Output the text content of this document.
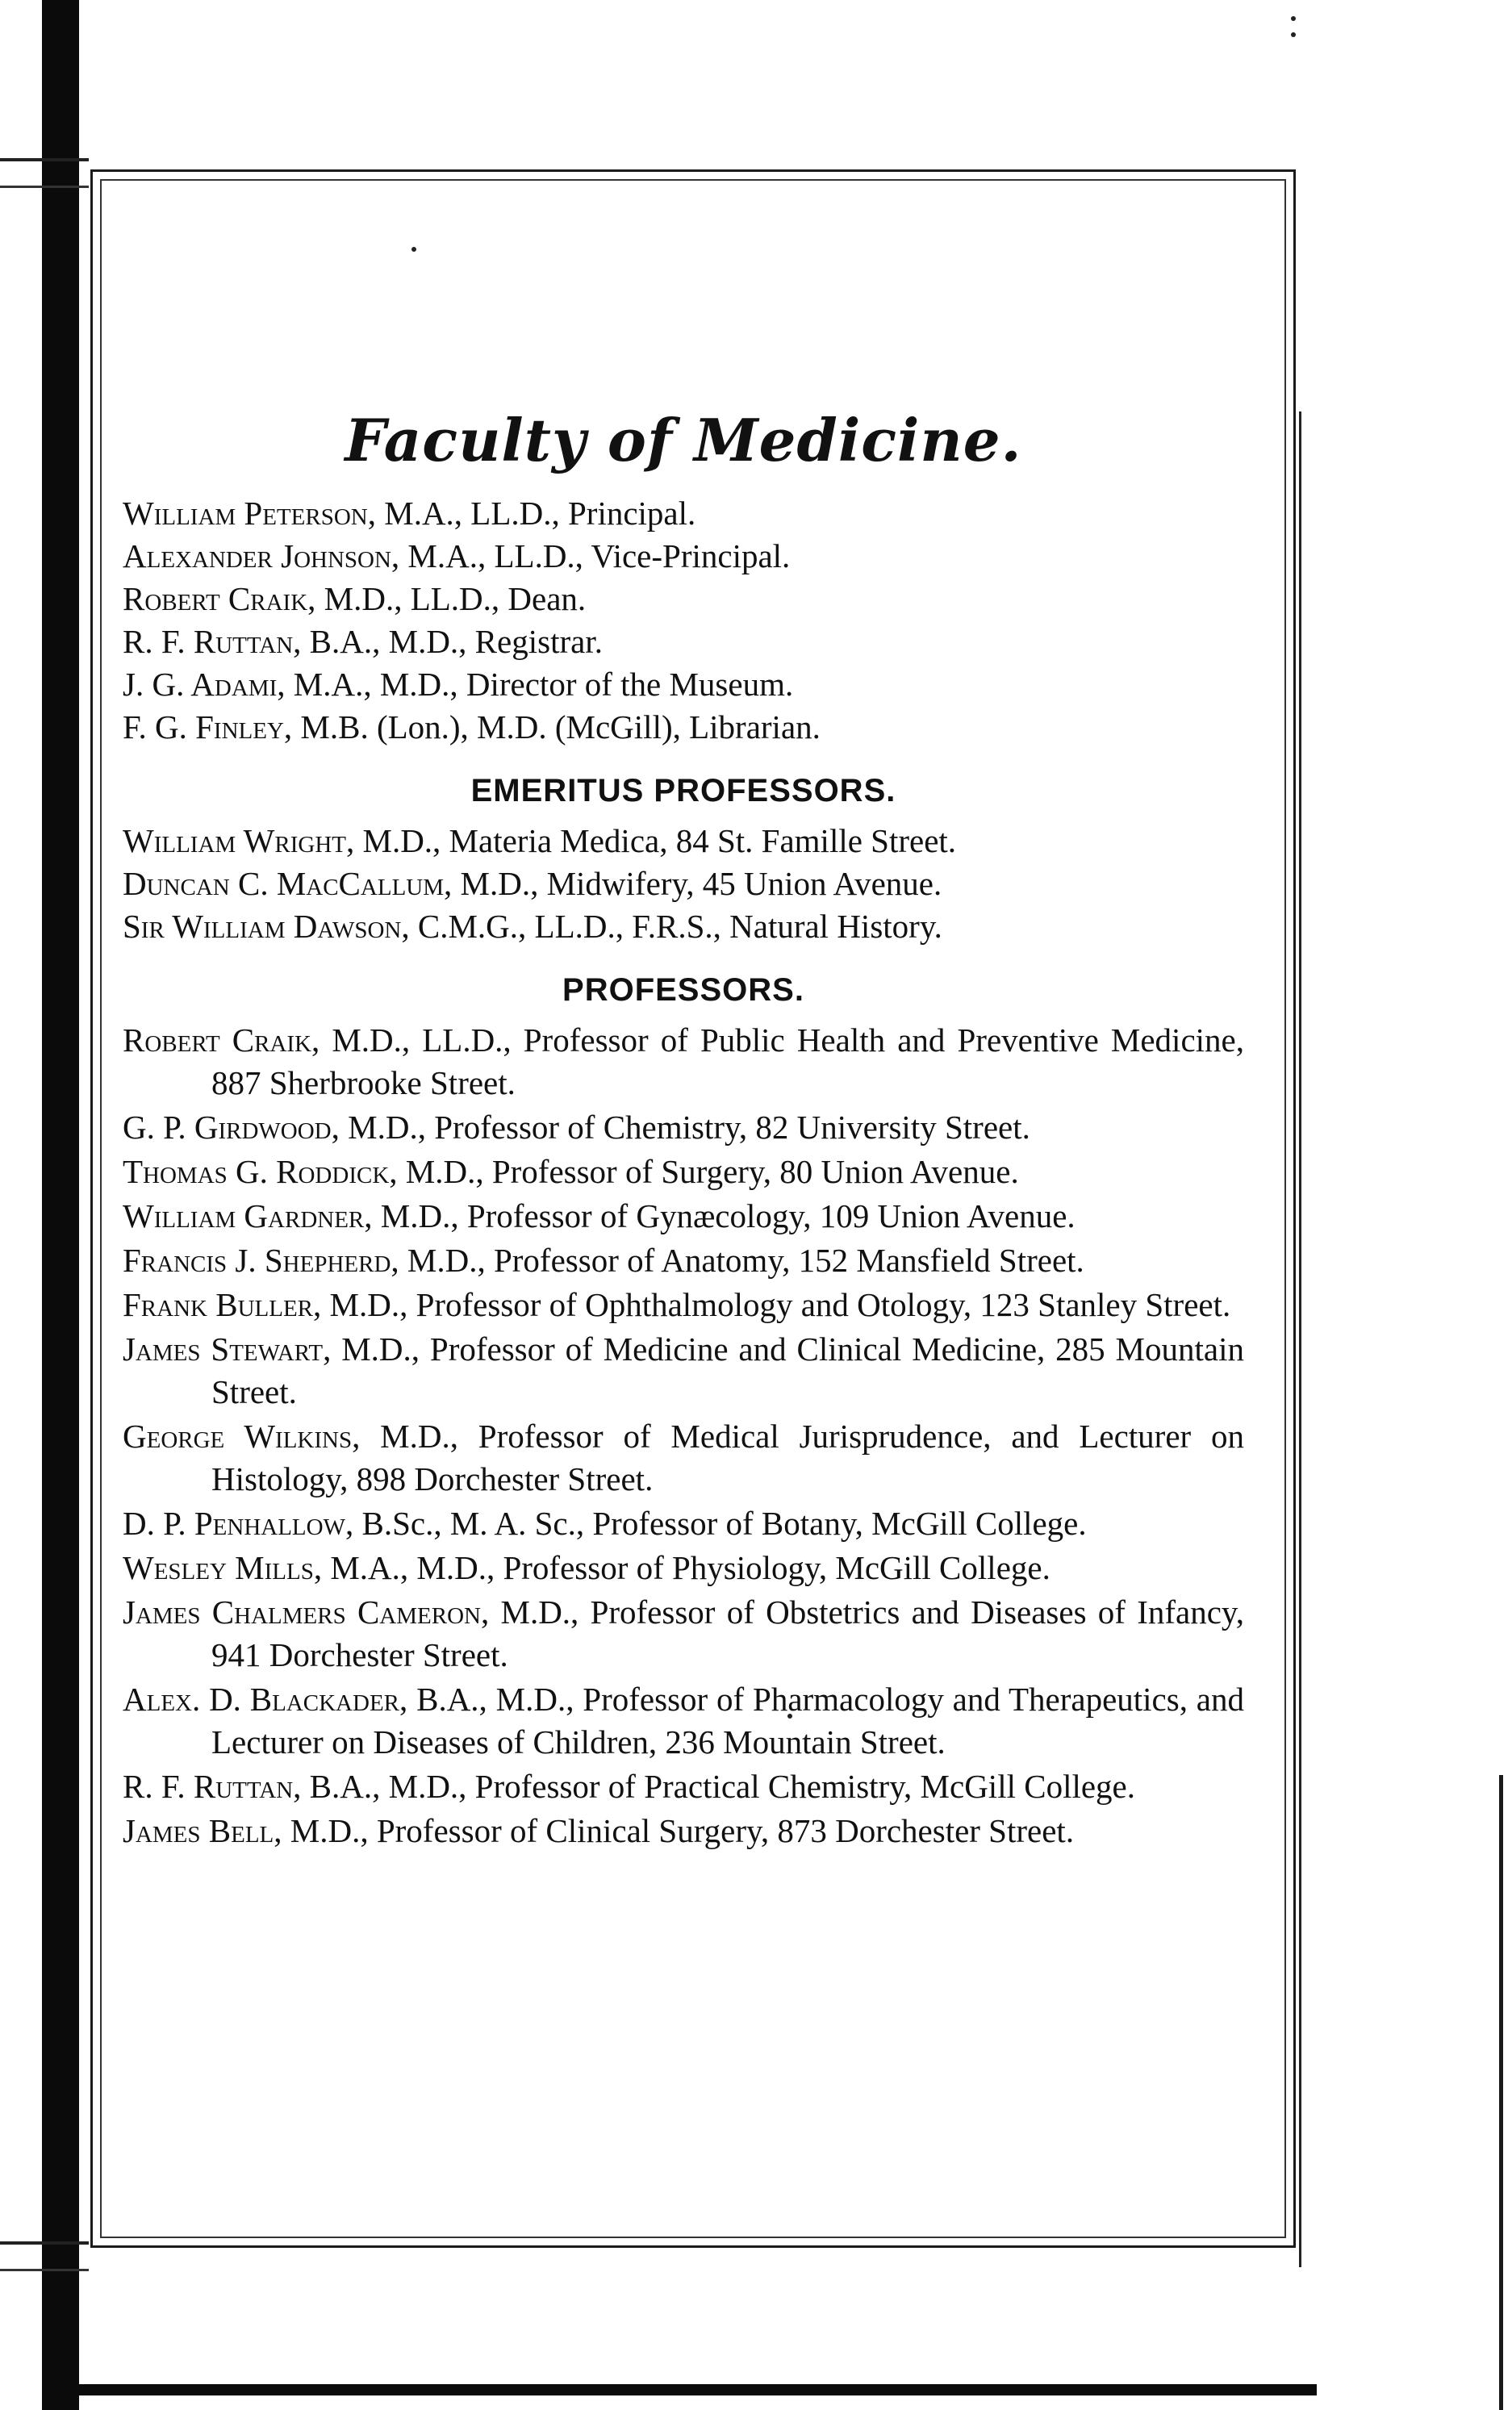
Faculty of Medicine.

William Peterson, M.A., LL.D., Principal.

Alexander Johnson, M.A., LL.D., Vice-Principal.

Robert Craik, M.D., LL.D., Dean.

R. F. Ruttan, B.A., M.D., Registrar.

J. G. Adami, M.A., M.D., Director of the Museum.

F. G. Finley, M.B. (Lon.), M.D. (McGill), Librarian.

EMERITUS PROFESSORS.

William Wright, M.D., Materia Medica, 84 St. Famille Street.

Duncan C. MacCallum, M.D., Midwifery, 45 Union Avenue.

Sir William Dawson, C.M.G., LL.D., F.R.S., Natural History.

PROFESSORS.

Robert Craik, M.D., LL.D., Professor of Public Health and Preventive Medicine, 887 Sherbrooke Street.

G. P. Girdwood, M.D., Professor of Chemistry, 82 University Street.

Thomas G. Roddick, M.D., Professor of Surgery, 80 Union Avenue.

William Gardner, M.D., Professor of Gynæcology, 109 Union Avenue.

Francis J. Shepherd, M.D., Professor of Anatomy, 152 Mansfield Street.

Frank Buller, M.D., Professor of Ophthalmology and Otology, 123 Stanley Street.

James Stewart, M.D., Professor of Medicine and Clinical Medicine, 285 Mountain Street.

George Wilkins, M.D., Professor of Medical Jurisprudence, and Lecturer on Histology, 898 Dorchester Street.

D. P. Penhallow, B.Sc., M. A. Sc., Professor of Botany, McGill College.

Wesley Mills, M.A., M.D., Professor of Physiology, McGill College.

James Chalmers Cameron, M.D., Professor of Obstetrics and Diseases of Infancy, 941 Dorchester Street.

Alex. D. Blackader, B.A., M.D., Professor of Pharmacology and Therapeutics, and Lecturer on Diseases of Children, 236 Mountain Street.

R. F. Ruttan, B.A., M.D., Professor of Practical Chemistry, McGill College.

James Bell, M.D., Professor of Clinical Surgery, 873 Dorchester Street.
